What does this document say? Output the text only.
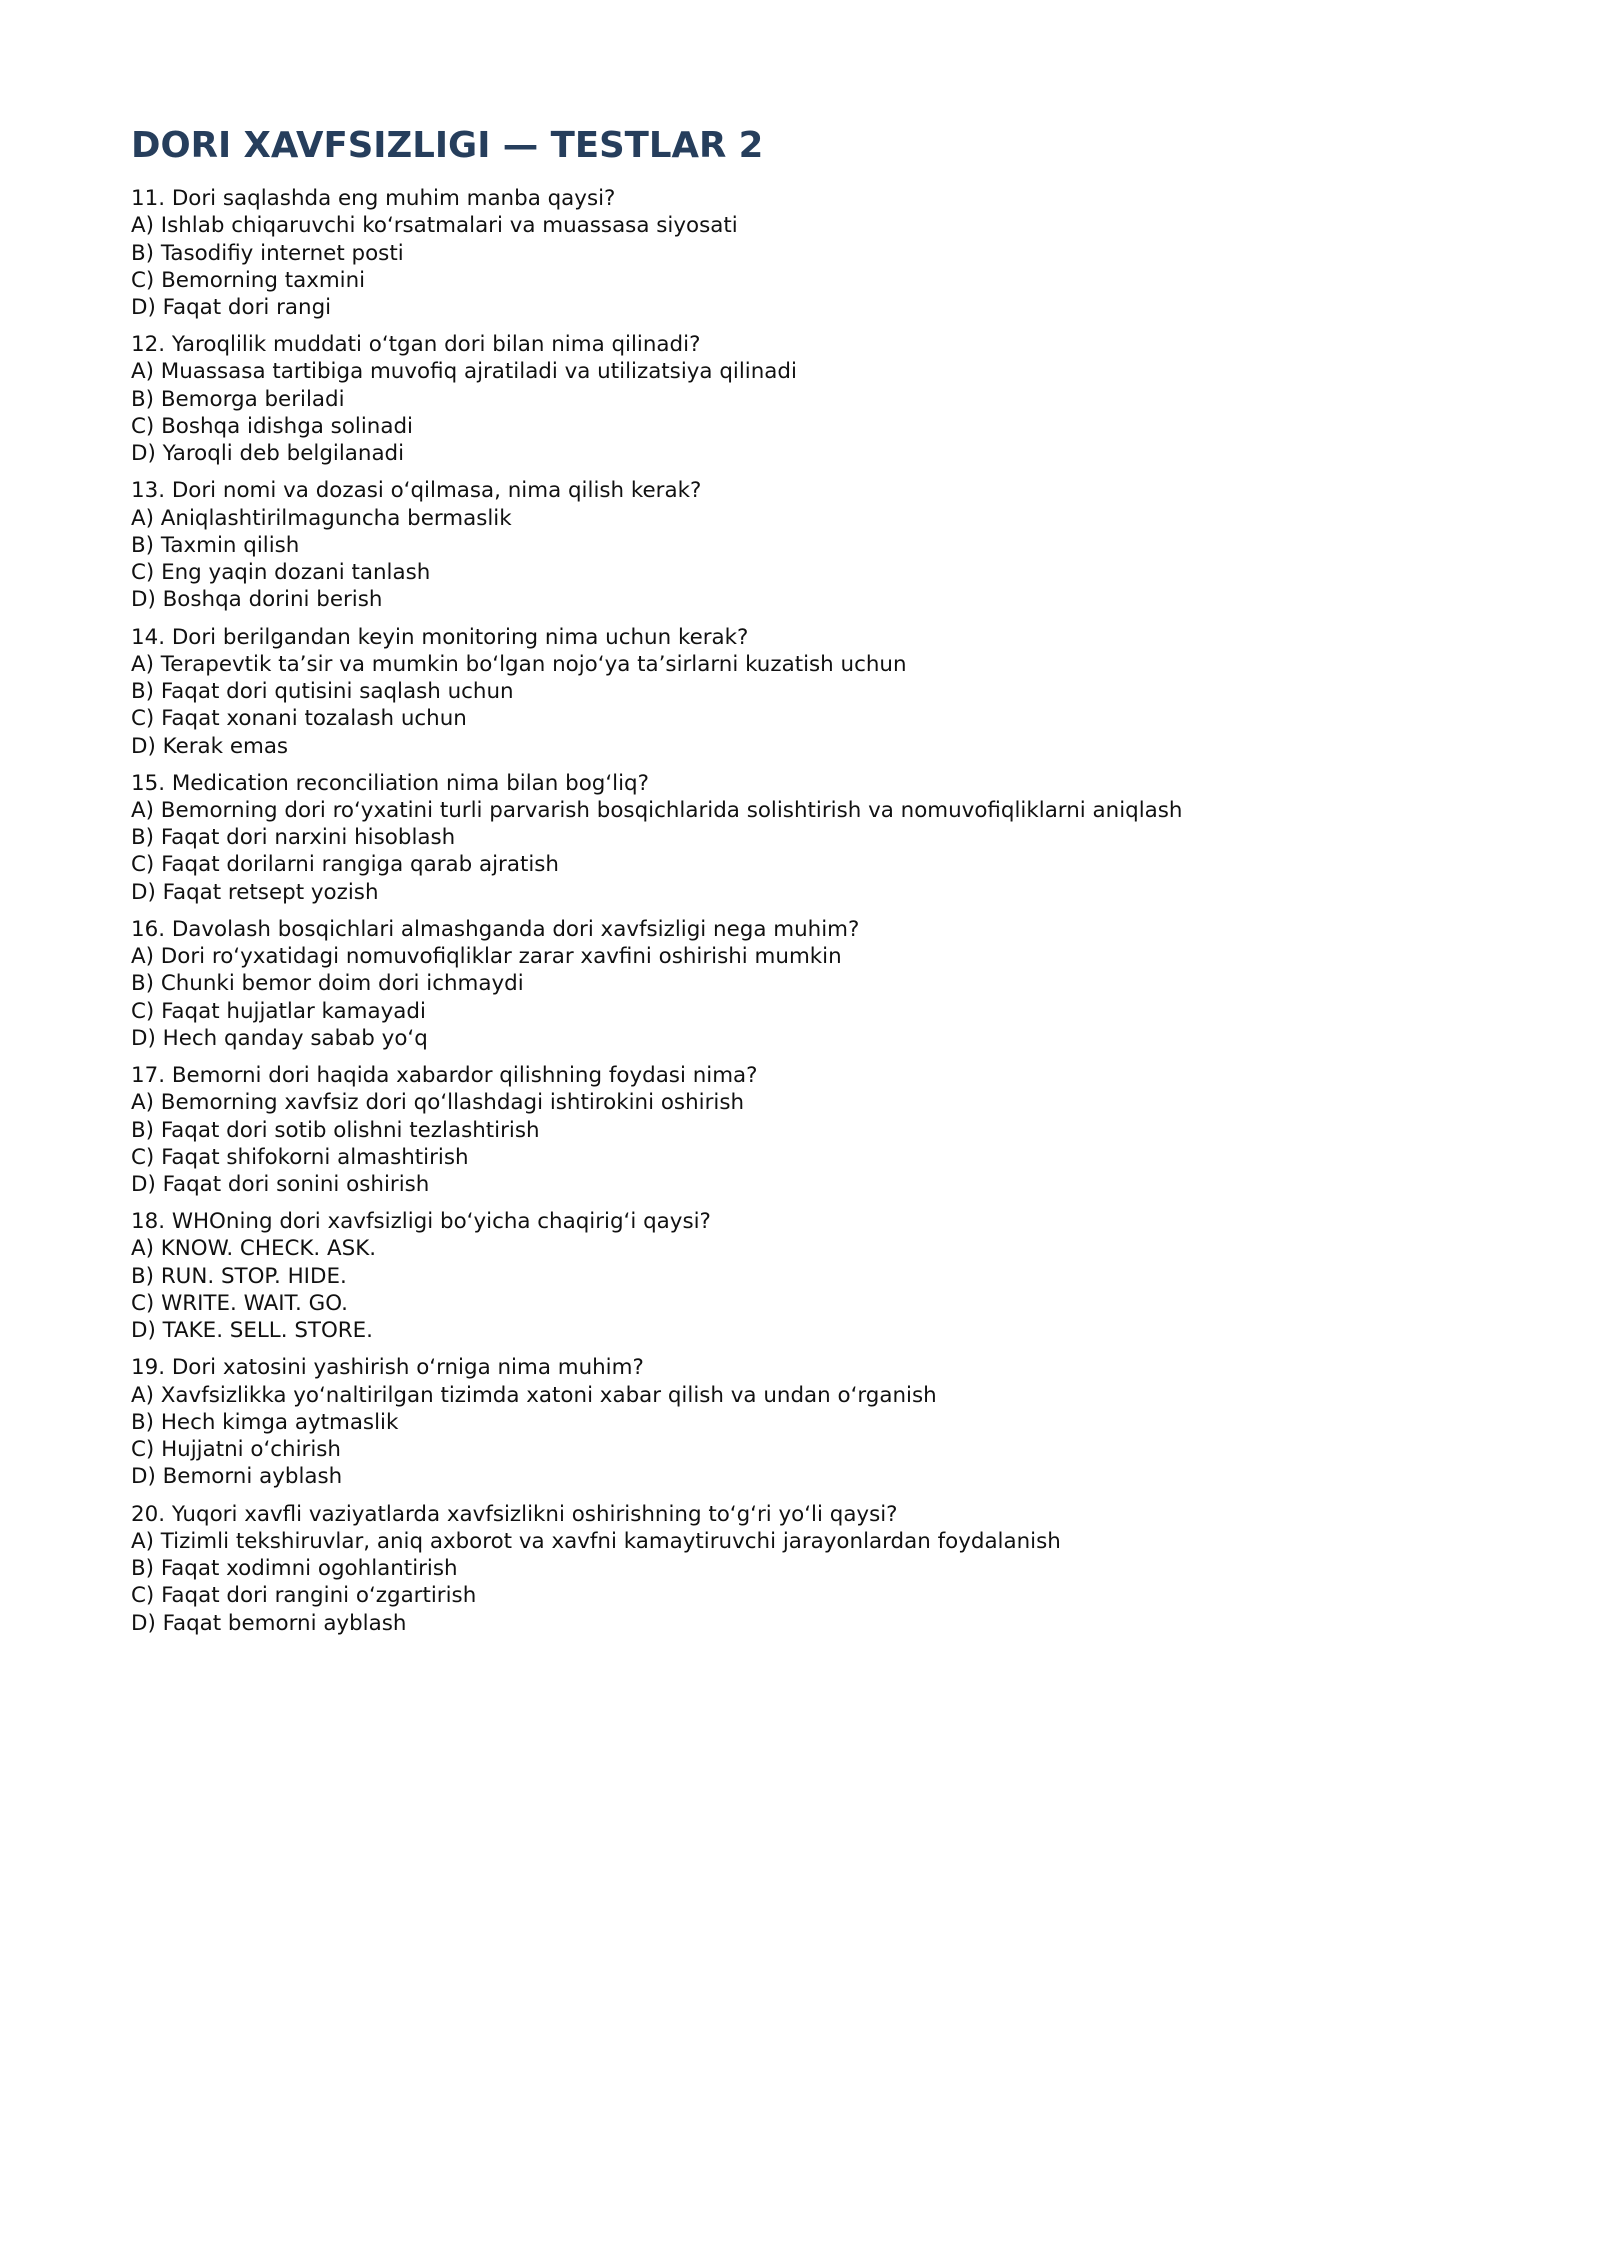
DORI XAVFSIZLIGI — TESTLAR 2

11. Dori saqlashda eng muhim manba qaysi?

A) Ishlab chiqaruvchi ko‘rsatmalari va muassasa siyosati

B) Tasodifiy internet posti

C) Bemorning taxmini

D) Faqat dori rangi

12. Yaroqlilik muddati o‘tgan dori bilan nima qilinadi?

A) Muassasa tartibiga muvofiq ajratiladi va utilizatsiya qilinadi

B) Bemorga beriladi

C) Boshqa idishga solinadi

D) Yaroqli deb belgilanadi

13. Dori nomi va dozasi o‘qilmasa, nima qilish kerak?

A) Aniqlashtirilmaguncha bermaslik

B) Taxmin qilish

C) Eng yaqin dozani tanlash

D) Boshqa dorini berish

14. Dori berilgandan keyin monitoring nima uchun kerak?

A) Terapevtik ta’sir va mumkin bo‘lgan nojo‘ya ta’sirlarni kuzatish uchun

B) Faqat dori qutisini saqlash uchun

C) Faqat xonani tozalash uchun

D) Kerak emas

15. Medication reconciliation nima bilan bog‘liq?

A) Bemorning dori ro‘yxatini turli parvarish bosqichlarida solishtirish va nomuvofiqliklarni aniqlash

B) Faqat dori narxini hisoblash

C) Faqat dorilarni rangiga qarab ajratish

D) Faqat retsept yozish

16. Davolash bosqichlari almashganda dori xavfsizligi nega muhim?

A) Dori ro‘yxatidagi nomuvofiqliklar zarar xavfini oshirishi mumkin

B) Chunki bemor doim dori ichmaydi

C) Faqat hujjatlar kamayadi

D) Hech qanday sabab yo‘q

17. Bemorni dori haqida xabardor qilishning foydasi nima?

A) Bemorning xavfsiz dori qo‘llashdagi ishtirokini oshirish

B) Faqat dori sotib olishni tezlashtirish

C) Faqat shifokorni almashtirish

D) Faqat dori sonini oshirish

18. WHOning dori xavfsizligi bo‘yicha chaqirig‘i qaysi?

A) KNOW. CHECK. ASK.

B) RUN. STOP. HIDE.

C) WRITE. WAIT. GO.

D) TAKE. SELL. STORE.

19. Dori xatosini yashirish o‘rniga nima muhim?

A) Xavfsizlikka yo‘naltirilgan tizimda xatoni xabar qilish va undan o‘rganish

B) Hech kimga aytmaslik

C) Hujjatni o‘chirish

D) Bemorni ayblash

20. Yuqori xavfli vaziyatlarda xavfsizlikni oshirishning to‘g‘ri yo‘li qaysi?

A) Tizimli tekshiruvlar, aniq axborot va xavfni kamaytiruvchi jarayonlardan foydalanish

B) Faqat xodimni ogohlantirish

C) Faqat dori rangini o‘zgartirish

D) Faqat bemorni ayblash
